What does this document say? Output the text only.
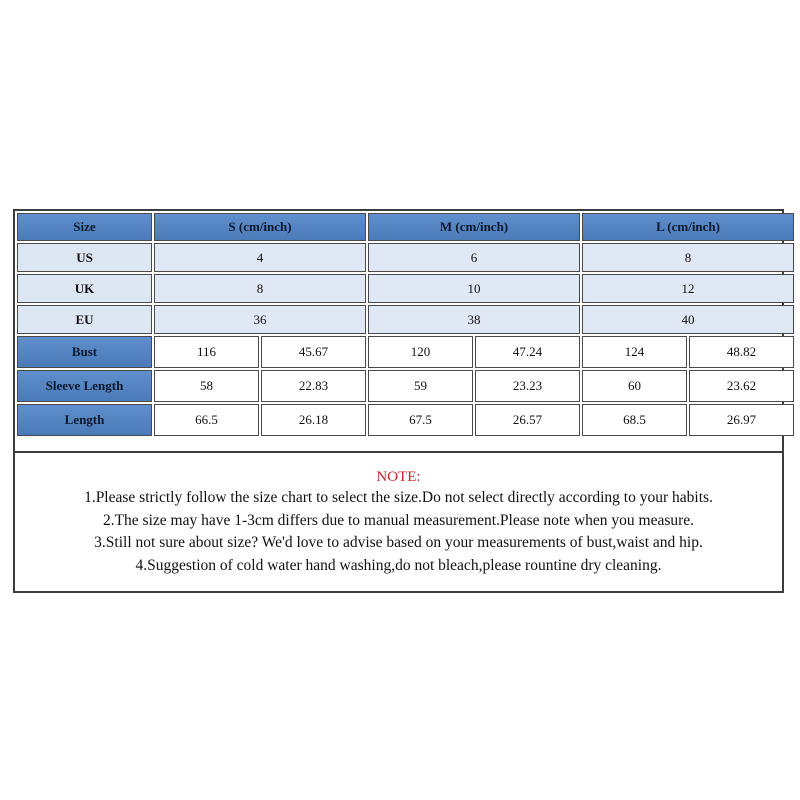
Size	S (cm/inch)		M (cm/inch)		L (cm/inch)	
US	4		6		8	
UK	8		10		12	
EU	36		38		40	
Bust	116	45.67	120	47.24	124	48.82
Sleeve Length	58	22.83	59	23.23	60	23.62
Length	66.5	26.18	67.5	26.57	68.5	26.97
NOTE:
1.Please strictly follow the size chart to select the size.Do not select directly according to your habits.
2.The size may have 1-3cm differs due to manual measurement.Please note when you measure.
3.Still not sure about size? We'd love to advise based on your measurements of bust,waist and hip.
4.Suggestion of cold water hand washing,do not bleach,please rountine dry cleaning.
